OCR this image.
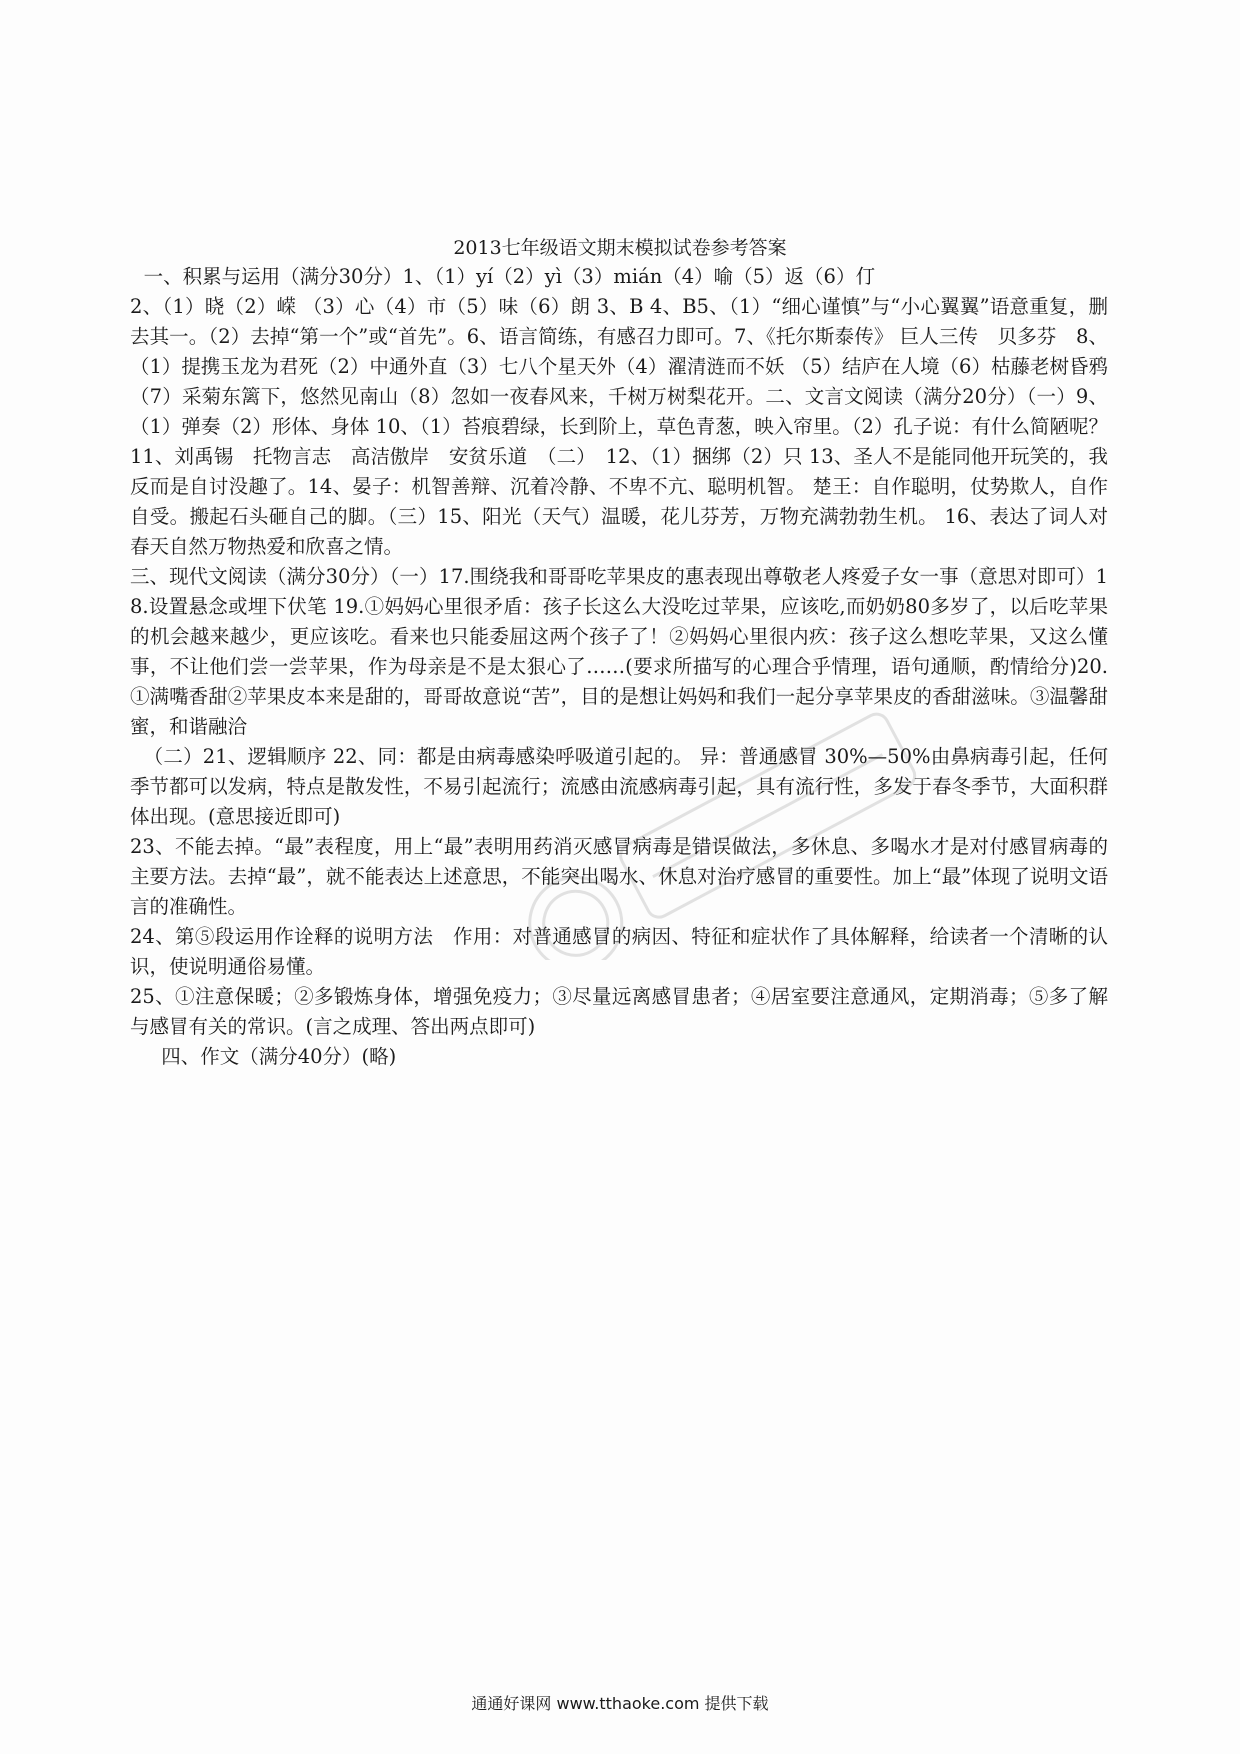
2013七年级语文期末模拟试卷参考答案

一、积累与运用（满分30分）1、（1）yí（2）yì（3）mián（4）喻（5）返（6）仃

2、（1）晓（2）嵘 （3）心（4）市（5）味（6）朗 3、B 4、B5、（1）“细心谨慎”与“小心翼翼”语意重复，删去其一。（2）去掉“第一个”或“首先”。6、语言简练，有感召力即可。7、《托尔斯泰传》 巨人三传　贝多芬　8、（1）提携玉龙为君死（2）中通外直（3）七八个星天外（4）濯清涟而不妖 （5）结庐在人境（6）枯藤老树昏鸦（7）采菊东篱下，悠然见南山（8）忽如一夜春风来，千树万树梨花开。二、文言文阅读（满分20分）（一）9、（1）弹奏（2）形体、身体 10、（1）苔痕碧绿，长到阶上，草色青葱，映入帘里。（2）孔子说：有什么简陋呢？11、刘禹锡　托物言志　高洁傲岸　安贫乐道　（二）　12、（1）捆绑（2）只 13、圣人不是能同他开玩笑的，我反而是自讨没趣了。14、晏子：机智善辩、沉着冷静、不卑不亢、聪明机智。 楚王：自作聪明，仗势欺人，自作自受。搬起石头砸自己的脚。（三）15、阳光（天气）温暖，花儿芬芳，万物充满勃勃生机。 16、表达了词人对春天自然万物热爱和欣喜之情。

三、现代文阅读（满分30分）（一）17.围绕我和哥哥吃苹果皮的惠表现出尊敬老人疼爱子女一事（意思对即可）18.设置悬念或埋下伏笔 19.①妈妈心里很矛盾：孩子长这么大没吃过苹果，应该吃,而奶奶80多岁了，以后吃苹果的机会越来越少，更应该吃。看来也只能委屈这两个孩子了！②妈妈心里很内疚：孩子这么想吃苹果，又这么懂事，不让他们尝一尝苹果，作为母亲是不是太狠心了……(要求所描写的心理合乎情理，语句通顺，酌情给分)20.①满嘴香甜②苹果皮本来是甜的，哥哥故意说“苦”，目的是想让妈妈和我们一起分享苹果皮的香甜滋味。③温馨甜蜜，和谐融洽

（二）21、逻辑顺序 22、同：都是由病毒感染呼吸道引起的。 异：普通感冒 30%—50%由鼻病毒引起，任何季节都可以发病，特点是散发性，不易引起流行；流感由流感病毒引起，具有流行性，多发于春冬季节，大面积群体出现。(意思接近即可)

23、不能去掉。“最”表程度，用上“最”表明用药消灭感冒病毒是错误做法，多休息、多喝水才是对付感冒病毒的主要方法。去掉“最”，就不能表达上述意思，不能突出喝水、休息对治疗感冒的重要性。加上“最”体现了说明文语言的准确性。

24、第⑤段运用作诠释的说明方法　作用：对普通感冒的病因、特征和症状作了具体解释，给读者一个清晰的认识，使说明通俗易懂。

25、①注意保暖；②多锻炼身体，增强免疫力；③尽量远离感冒患者；④居室要注意通风，定期消毒；⑤多了解与感冒有关的常识。(言之成理、答出两点即可)

四、作文（满分40分）(略)

通通好课网 www.tthaoke.com 提供下载
